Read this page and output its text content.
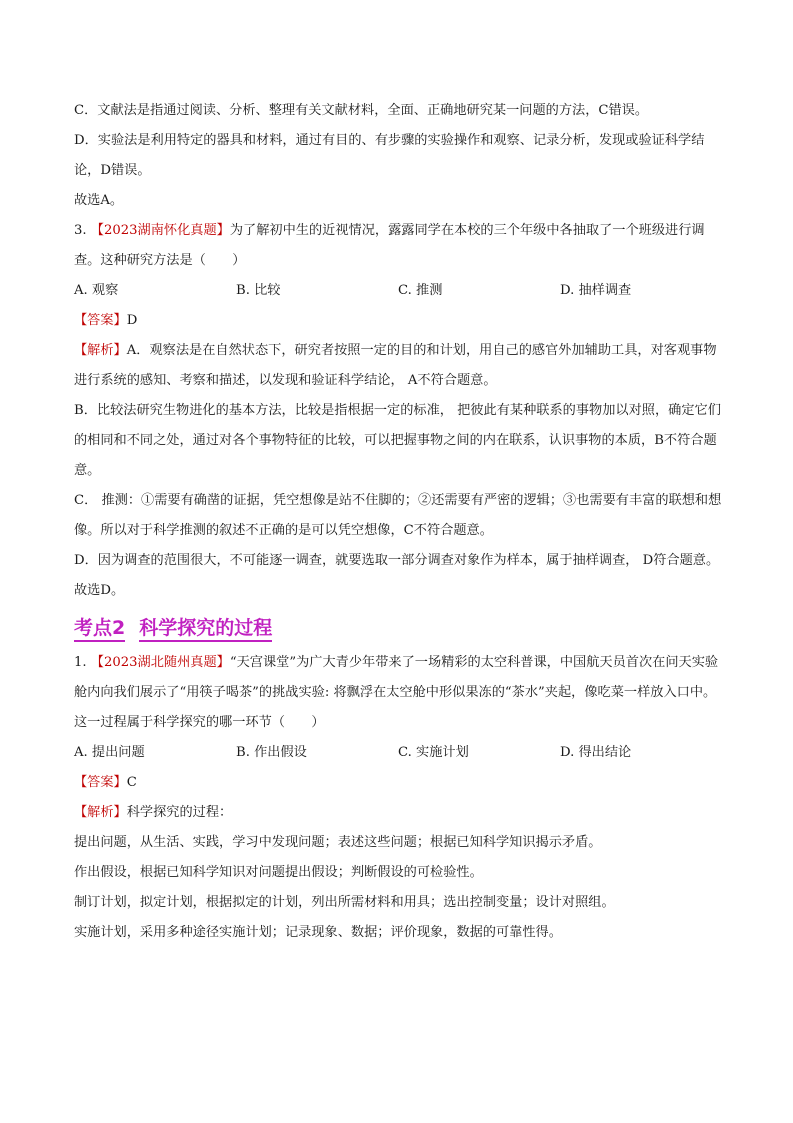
C．文献法是指通过阅读、分析、整理有关文献材料，全面、正确地研究某一问题的方法，C错误。

D．实验法是利用特定的器具和材料，通过有目的、有步骤的实验操作和观察、记录分析，发现或验证科学结论，D错误。

故选A。

3. 【2023湖南怀化真题】为了解初中生的近视情况，露露同学在本校的三个年级中各抽取了一个班级进行调查。这种研究方法是（　　）

A. 观察	B. 比较	C. 推测	D. 抽样调查

【答案】D

【解析】A．观察法是在自然状态下，研究者按照一定的目的和计划，用自己的感官外加辅助工具，对客观事物进行系统的感知、考察和描述，以发现和验证科学结论， A不符合题意。

B．比较法研究生物进化的基本方法，比较是指根据一定的标准， 把彼此有某种联系的事物加以对照，确定它们的相同和不同之处，通过对各个事物特征的比较，可以把握事物之间的内在联系，认识事物的本质，B不符合题意。

C． 推测：①需要有确凿的证据，凭空想像是站不住脚的；②还需要有严密的逻辑；③也需要有丰富的联想和想像。所以对于科学推测的叙述不正确的是可以凭空想像，C不符合题意。

D．因为调查的范围很大，不可能逐一调查，就要选取一部分调查对象作为样本，属于抽样调查， D符合题意。

故选D。

考点2 科学探究的过程

1. 【2023湖北随州真题】“天宫课堂”为广大青少年带来了一场精彩的太空科普课，中国航天员首次在问天实验舱内向我们展示了“用筷子喝茶”的挑战实验: 将飘浮在太空舱中形似果冻的“茶水”夹起，像吃菜一样放入口中。这一过程属于科学探究的哪一环节（　　）

A. 提出问题	B. 作出假设	C. 实施计划	D. 得出结论

【答案】C

【解析】科学探究的过程：

提出问题，从生活、实践，学习中发现问题；表述这些问题；根据已知科学知识揭示矛盾。

作出假设，根据已知科学知识对问题提出假设；判断假设的可检验性。

制订计划，拟定计划，根据拟定的计划，列出所需材料和用具；选出控制变量；设计对照组。

实施计划，采用多种途径实施计划；记录现象、数据；评价现象，数据的可靠性得。
